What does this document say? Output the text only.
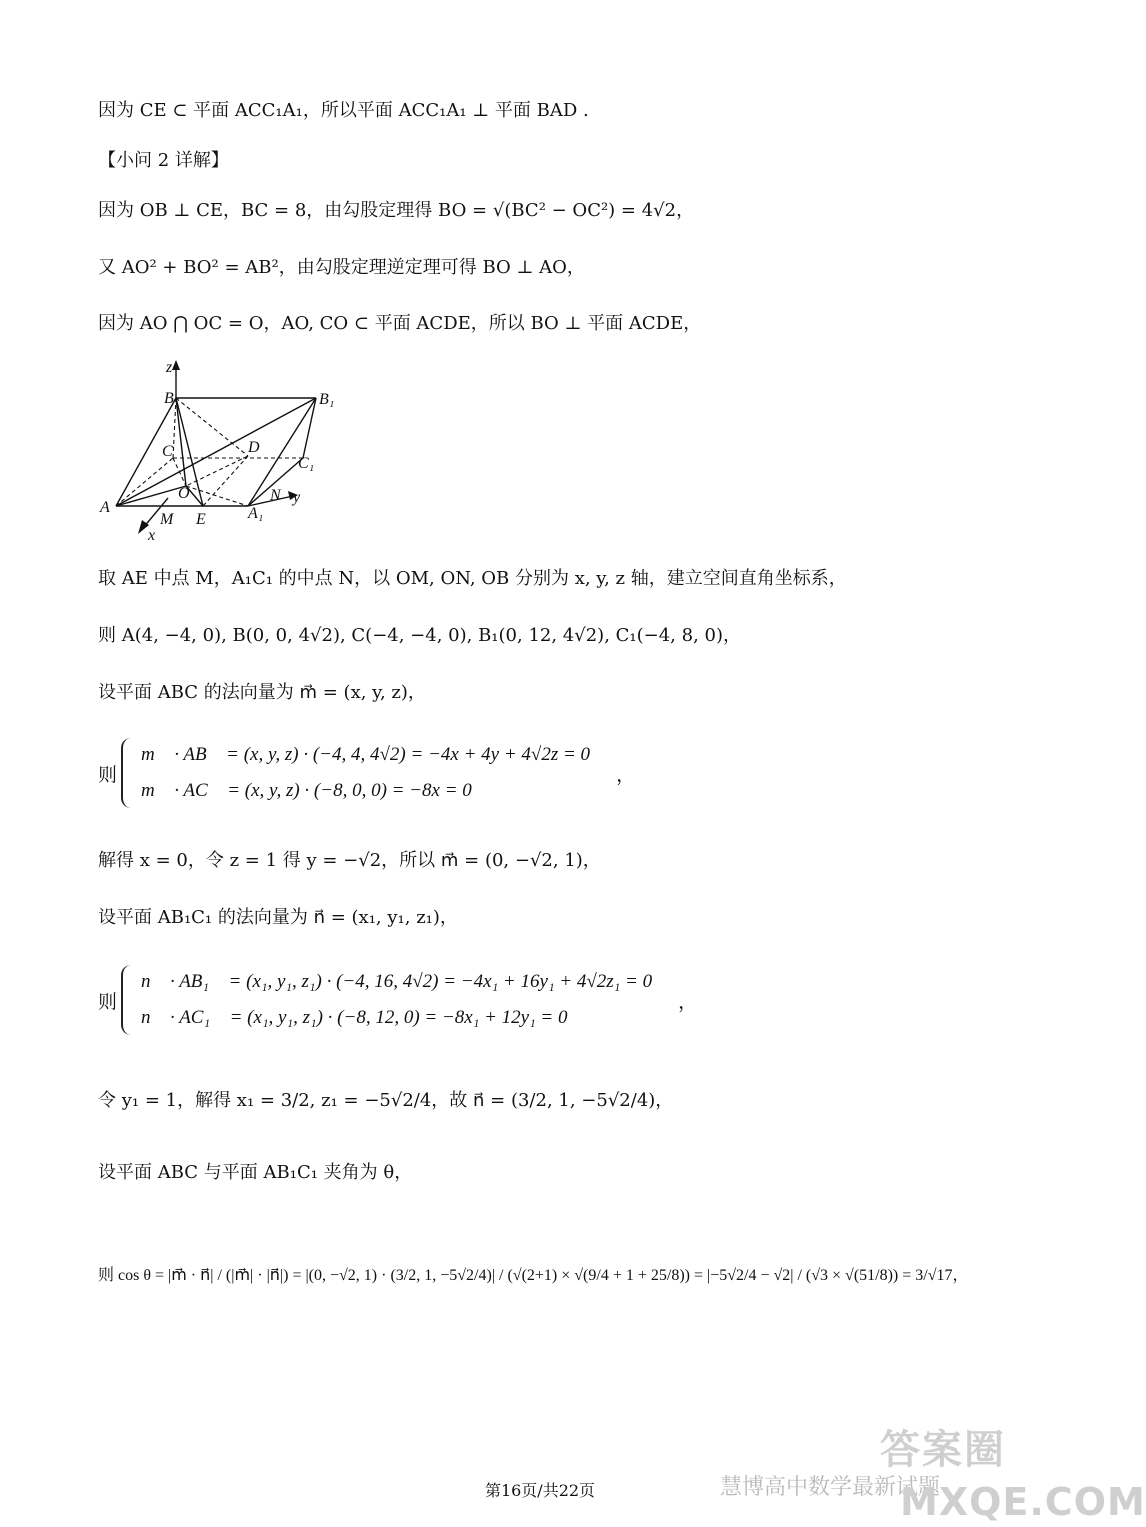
因为 CE ⊂ 平面 ACC₁A₁，所以平面 ACC₁A₁ ⊥ 平面 BAD .
【小问 2 详解】
因为 OB ⊥ CE，BC = 8，由勾股定理得 BO = √(BC² − OC²) = 4√2，
又 AO² + BO² = AB²，由勾股定理逆定理可得 BO ⊥ AO，
因为 AO ⋂ OC = O，AO, CO ⊂ 平面 ACDE，所以 BO ⊥ 平面 ACDE，
z
B	B₁
C	D
C₁
O	N y
A
M E	A₁
x
取 AE 中点 M，A₁C₁ 的中点 N，以 OM, ON, OB 分别为 x, y, z 轴，建立空间直角坐标系，
则 A(4, −4, 0), B(0, 0, 4√2), C(−4, −4, 0), B₁(0, 12, 4√2), C₁(−4, 8, 0)，
设平面 ABC 的法向量为 m⃗ = (x, y, z)，
则
m⃗ · AB⃗ = (x, y, z) · (−4, 4, 4√2) = −4x + 4y + 4√2z = 0
m⃗ · AC⃗ = (x, y, z) · (−8, 0, 0) = −8x = 0
，
解得 x = 0，令 z = 1 得 y = −√2，所以 m⃗ = (0, −√2, 1)，
设平面 AB₁C₁ 的法向量为 n⃗ = (x₁, y₁, z₁)，
则
n⃗ · AB₁⃗ = (x₁, y₁, z₁) · (−4, 16, 4√2) = −4x₁ + 16y₁ + 4√2z₁ = 0
n⃗ · AC₁⃗ = (x₁, y₁, z₁) · (−8, 12, 0) = −8x₁ + 12y₁ = 0
，
令 y₁ = 1，解得 x₁ = 3/2, z₁ = −5√2/4，故 n⃗ = (3/2, 1, −5√2/4)，
设平面 ABC 与平面 AB₁C₁ 夹角为 θ，
则 cos θ = |m⃗ · n⃗| / (|m⃗| · |n⃗|) = |(0, −√2, 1) · (3/2, 1, −5√2/4)| / (√(2+1) × √(9/4 + 1 + 25/8)) = |−5√2/4 − √2| / (√3 × √(51/8)) = 3/√17，
答案圈
慧博高中数学最新试题
MXQE.COM
第16页/共22页
